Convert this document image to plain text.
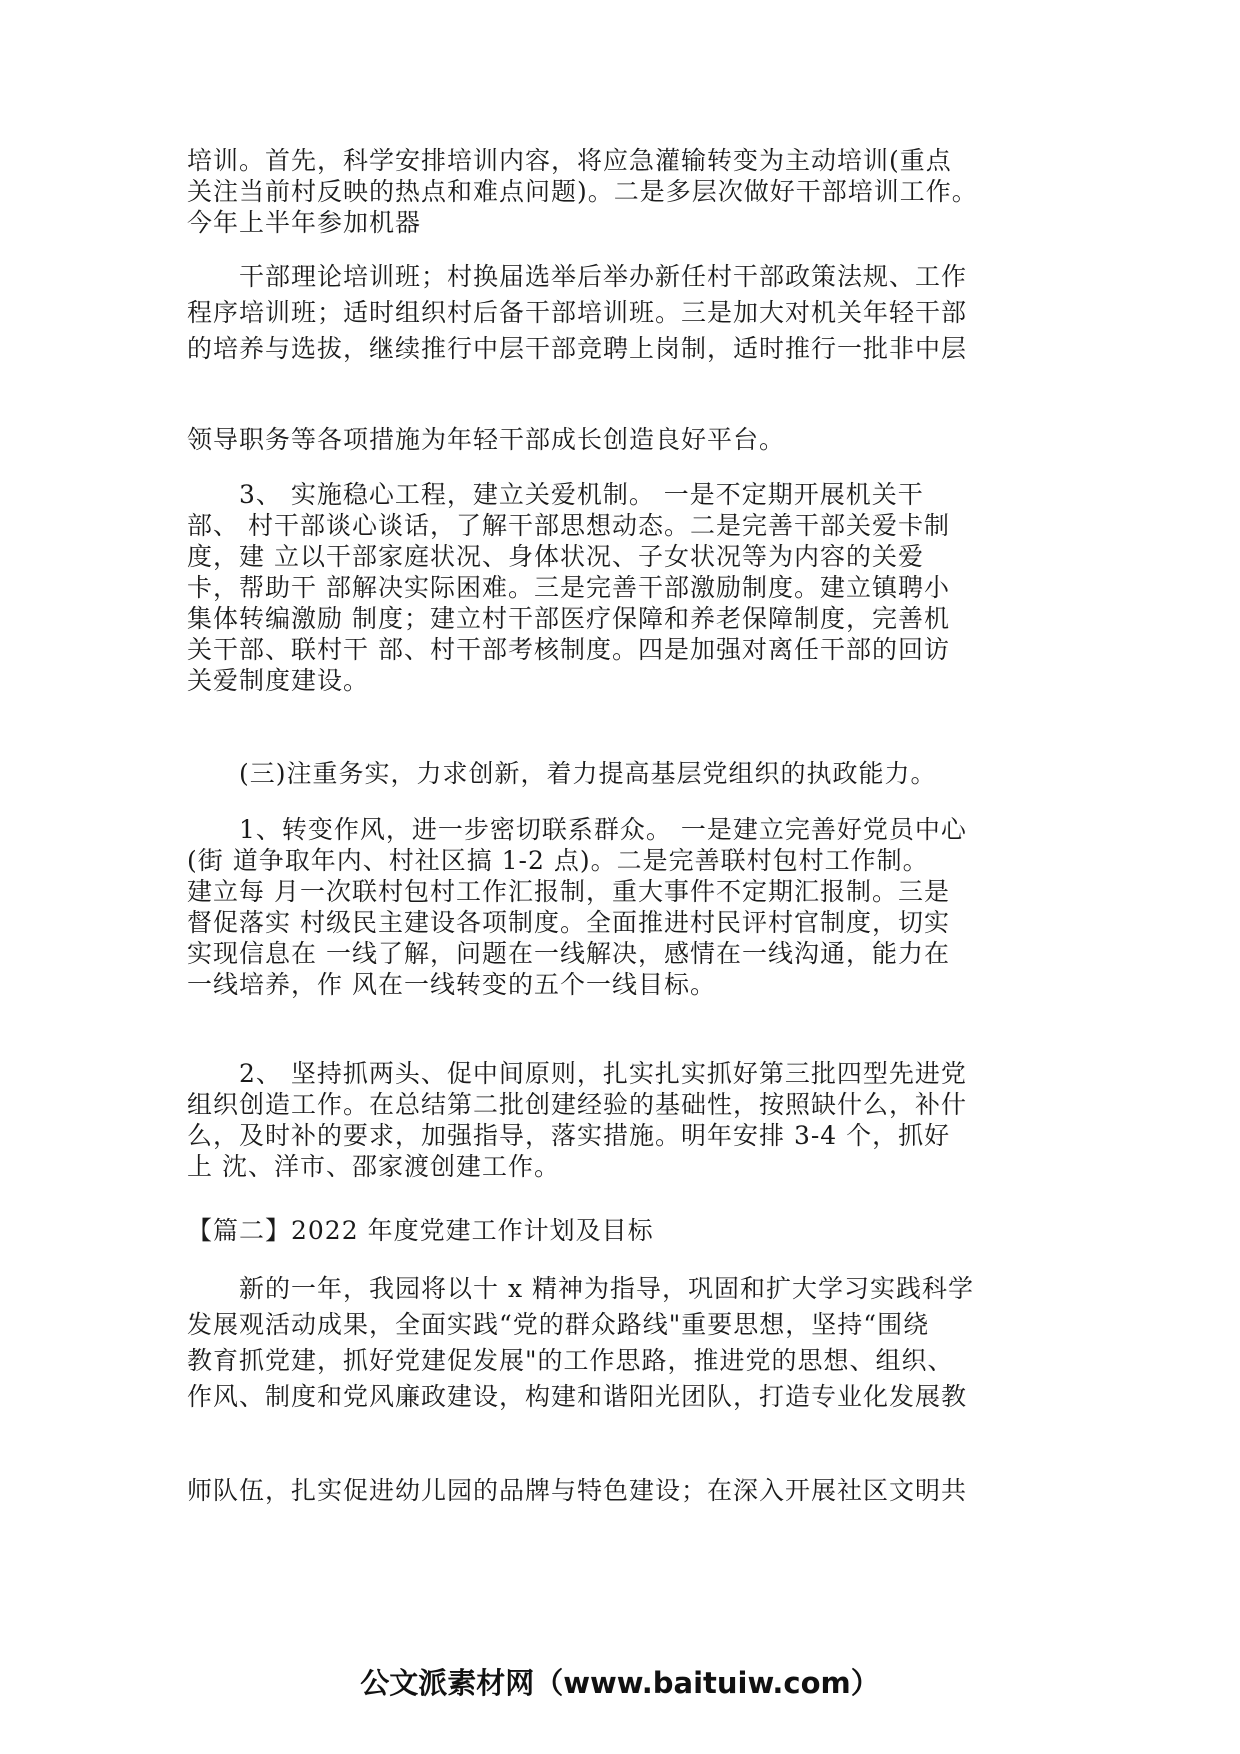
培训。首先，科学安排培训内容，将应急灌输转变为主动培训(重点
关注当前村反映的热点和难点问题)。二是多层次做好干部培训工作。
今年上半年参加机器

　　干部理论培训班；村换届选举后举办新任村干部政策法规、工作
程序培训班；适时组织村后备干部培训班。三是加大对机关年轻干部
的培养与选拔，继续推行中层干部竞聘上岗制，适时推行一批非中层

领导职务等各项措施为年轻干部成长创造良好平台。

　　3、 实施稳心工程，建立关爱机制。 一是不定期开展机关干
部、 村干部谈心谈话，了解干部思想动态。二是完善干部关爱卡制
度，建 立以干部家庭状况、身体状况、子女状况等为内容的关爱
卡，帮助干 部解决实际困难。三是完善干部激励制度。建立镇聘小
集体转编激励 制度；建立村干部医疗保障和养老保障制度，完善机
关干部、联村干 部、村干部考核制度。四是加强对离任干部的回访
关爱制度建设。

　　(三)注重务实，力求创新，着力提高基层党组织的执政能力。

　　1、转变作风，进一步密切联系群众。 一是建立完善好党员中心
(街 道争取年内、村社区搞 1-2 点)。二是完善联村包村工作制。
建立每 月一次联村包村工作汇报制，重大事件不定期汇报制。三是
督促落实 村级民主建设各项制度。全面推进村民评村官制度，切实
实现信息在 一线了解，问题在一线解决，感情在一线沟通，能力在
一线培养，作 风在一线转变的五个一线目标。

　　2、 坚持抓两头、促中间原则，扎实扎实抓好第三批四型先进党
组织创造工作。在总结第二批创建经验的基础性，按照缺什么，补什
么，及时补的要求，加强指导，落实措施。明年安排 3-4 个，抓好
上 沈、洋市、邵家渡创建工作。

【篇二】2022 年度党建工作计划及目标

　　新的一年，我园将以十 x 精神为指导，巩固和扩大学习实践科学
发展观活动成果，全面实践“党的群众路线"重要思想，坚持“围绕
教育抓党建，抓好党建促发展"的工作思路，推进党的思想、组织、
作风、制度和党风廉政建设，构建和谐阳光团队，打造专业化发展教

师队伍，扎实促进幼儿园的品牌与特色建设；在深入开展社区文明共

公文派素材网（www.baituiw.com）
